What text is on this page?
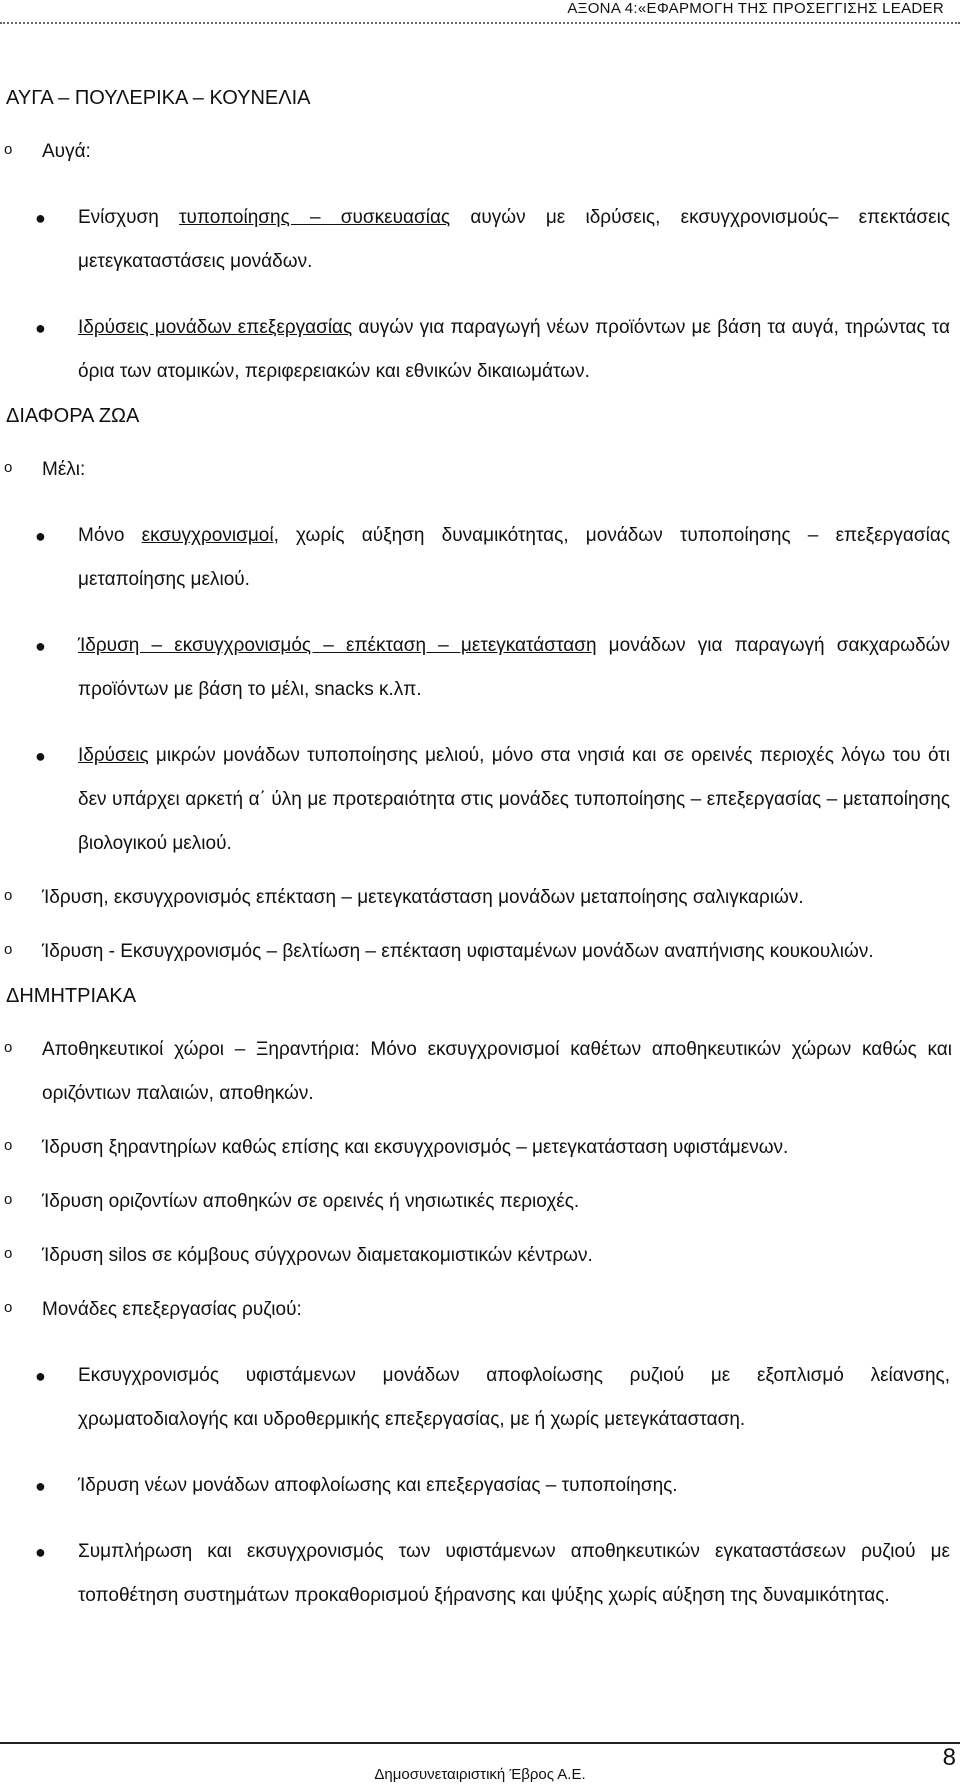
ΑΞΟΝΑ 4:«ΕΦΑΡΜΟΓΗ ΤΗΣ ΠΡΟΣΕΓΓΙΣΗΣ LEADER
ΑΥΓΑ – ΠΟΥΛΕΡΙΚΑ – ΚΟΥΝΕΛΙΑ
o Αυγά:
● Ενίσχυση τυποποίησης – συσκευασίας αυγών με ιδρύσεις, εκσυγχρονισμούς– επεκτάσεις μετεγκαταστάσεις μονάδων.
● Ιδρύσεις μονάδων επεξεργασίας αυγών για παραγωγή νέων προϊόντων με βάση τα αυγά, τηρώντας τα όρια των ατομικών, περιφερειακών και εθνικών δικαιωμάτων.
ΔΙΑΦΟΡΑ ΖΩΑ
o Μέλι:
● Μόνο εκσυγχρονισμοί, χωρίς αύξηση δυναμικότητας, μονάδων τυποποίησης – επεξεργασίας μεταποίησης μελιού.
● Ίδρυση – εκσυγχρονισμός – επέκταση – μετεγκατάσταση μονάδων για παραγωγή σακχαρωδών προϊόντων με βάση το μέλι, snacks κ.λπ.
● Ιδρύσεις μικρών μονάδων τυποποίησης μελιού, μόνο στα νησιά και σε ορεινές περιοχές λόγω του ότι δεν υπάρχει αρκετή α΄ ύλη με προτεραιότητα στις μονάδες τυποποίησης – επεξεργασίας – μεταποίησης βιολογικού μελιού.
o Ίδρυση, εκσυγχρονισμός επέκταση – μετεγκατάσταση μονάδων μεταποίησης σαλιγκαριών.
o Ίδρυση - Εκσυγχρονισμός – βελτίωση – επέκταση υφισταμένων μονάδων αναπήνισης κουκουλιών.
ΔΗΜΗΤΡΙΑΚΑ
o Αποθηκευτικοί χώροι – Ξηραντήρια: Μόνο εκσυγχρονισμοί καθέτων αποθηκευτικών χώρων καθώς και οριζόντιων παλαιών, αποθηκών.
o Ίδρυση ξηραντηρίων καθώς επίσης και εκσυγχρονισμός – μετεγκατάσταση υφιστάμενων.
o Ίδρυση οριζοντίων αποθηκών σε ορεινές ή νησιωτικές περιοχές.
o Ίδρυση silos σε κόμβους σύγχρονων διαμετακομιστικών κέντρων.
o Μονάδες επεξεργασίας ρυζιού:
● Εκσυγχρονισμός υφιστάμενων μονάδων αποφλοίωσης ρυζιού με εξοπλισμό λείανσης, χρωματοδιαλογής και υδροθερμικής επεξεργασίας, με ή χωρίς μετεγκάτασταση.
● Ίδρυση νέων μονάδων αποφλοίωσης και επεξεργασίας – τυποποίησης.
● Συμπλήρωση και εκσυγχρονισμός των υφιστάμενων αποθηκευτικών εγκαταστάσεων ρυζιού με τοποθέτηση συστημάτων προκαθορισμού ξήρανσης και ψύξης χωρίς αύξηση της δυναμικότητας.
Δημοσυνεταιριστική Έβρος Α.Ε.
8
